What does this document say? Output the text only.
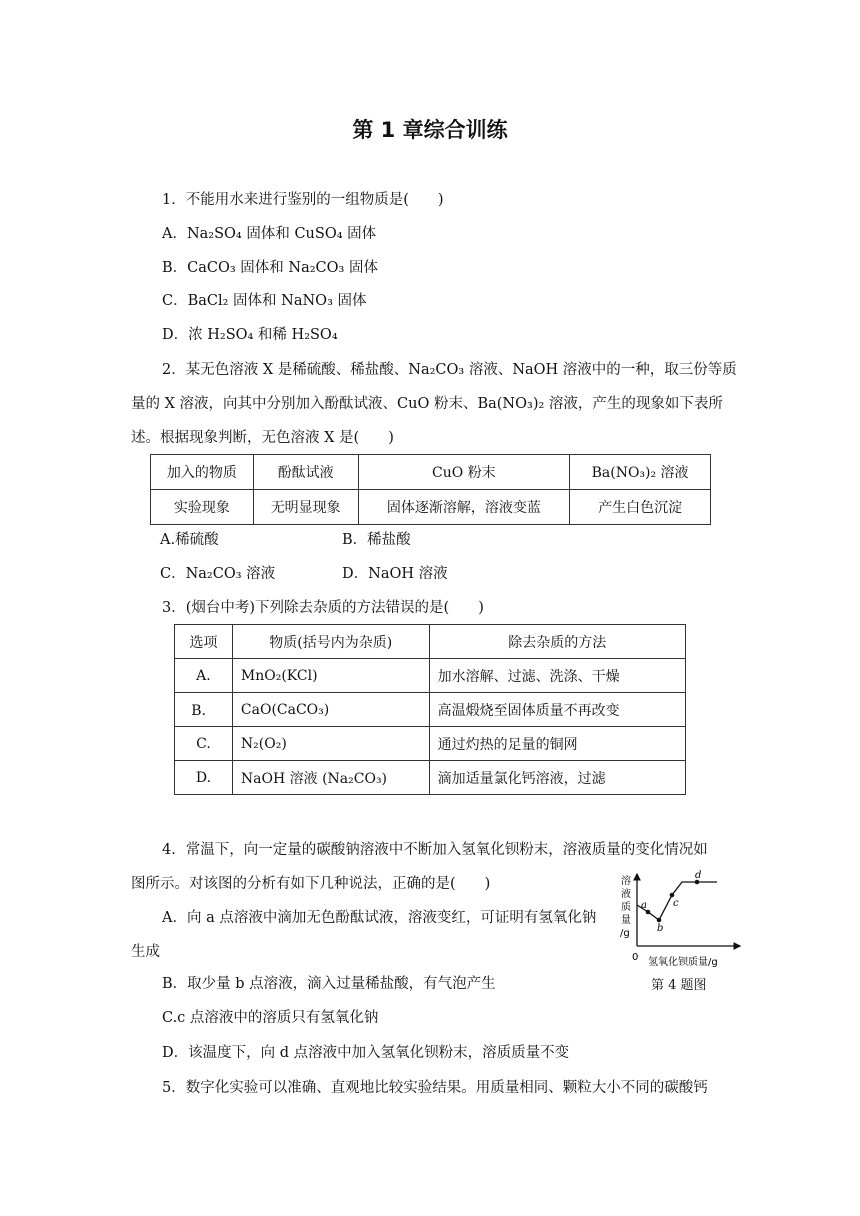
第 1 章综合训练
1．不能用水来进行鉴别的一组物质是(　　)
A．Na₂SO₄ 固体和 CuSO₄ 固体
B．CaCO₃ 固体和 Na₂CO₃ 固体
C．BaCl₂ 固体和 NaNO₃ 固体
D．浓 H₂SO₄ 和稀 H₂SO₄
2．某无色溶液 X 是稀硫酸、稀盐酸、Na₂CO₃ 溶液、NaOH 溶液中的一种，取三份等质
量的 X 溶液，向其中分别加入酚酞试液、CuO 粉末、Ba(NO₃)₂ 溶液，产生的现象如下表所
述。根据现象判断，无色溶液 X 是(　　)
加入的物质	酚酞试液	CuO 粉末	Ba(NO₃)₂ 溶液
实验现象	无明显现象	固体逐渐溶解，溶液变蓝	产生白色沉淀
A.稀硫酸	B．稀盐酸
C．Na₂CO₃ 溶液	D．NaOH 溶液
3．(烟台中考)下列除去杂质的方法错误的是(　　)
选项	物质(括号内为杂质)	除去杂质的方法
A.	MnO₂(KCl)	加水溶解、过滤、洗涤、干燥
B．	CaO(CaCO₃)	高温煅烧至固体质量不再改变
C.	N₂(O₂)	通过灼热的足量的铜网
D.	NaOH 溶液 (Na₂CO₃)	滴加适量氯化钙溶液，过滤
4．常温下，向一定量的碳酸钠溶液中不断加入氢氧化钡粉末，溶液质量的变化情况如
图所示。对该图的分析有如下几种说法，正确的是(　　)
A．向 a 点溶液中滴加无色酚酞试液，溶液变红，可证明有氢氧化钠
生成
B．取少量 b 点溶液，滴入过量稀盐酸，有气泡产生
C.c 点溶液中的溶质只有氢氧化钠
D．该温度下，向 d 点溶液中加入氢氧化钡粉末，溶质质量不变
a
b
c
d
溶
液
质
量
/g
0 氢氧化钡质量/g
第 4 题图
5．数字化实验可以准确、直观地比较实验结果。用质量相同、颗粒大小不同的碳酸钙
